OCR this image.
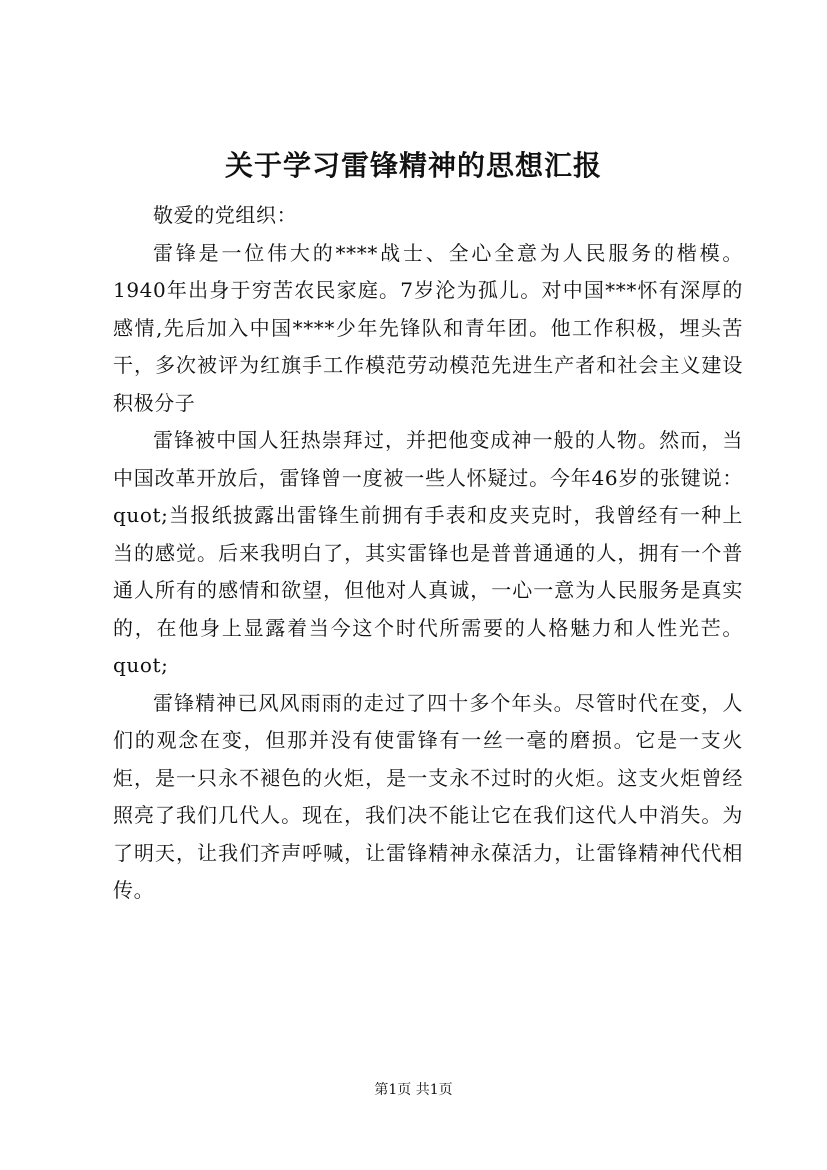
关于学习雷锋精神的思想汇报

敬爱的党组织：

雷锋是一位伟大的****战士、全心全意为人民服务的楷模。1940年出身于穷苦农民家庭。7岁沦为孤儿。对中国***怀有深厚的感情,先后加入中国****少年先锋队和青年团。他工作积极，埋头苦干，多次被评为红旗手工作模范劳动模范先进生产者和社会主义建设积极分子

雷锋被中国人狂热崇拜过，并把他变成神一般的人物。然而，当中国改革开放后，雷锋曾一度被一些人怀疑过。今年46岁的张键说：quot;当报纸披露出雷锋生前拥有手表和皮夹克时，我曾经有一种上当的感觉。后来我明白了，其实雷锋也是普普通通的人，拥有一个普通人所有的感情和欲望，但他对人真诚，一心一意为人民服务是真实的，在他身上显露着当今这个时代所需要的人格魅力和人性光芒。quot;

雷锋精神已风风雨雨的走过了四十多个年头。尽管时代在变，人们的观念在变，但那并没有使雷锋有一丝一毫的磨损。它是一支火炬，是一只永不褪色的火炬，是一支永不过时的火炬。这支火炬曾经照亮了我们几代人。现在，我们决不能让它在我们这代人中消失。为了明天，让我们齐声呼喊，让雷锋精神永葆活力，让雷锋精神代代相传。

第1页 共1页
